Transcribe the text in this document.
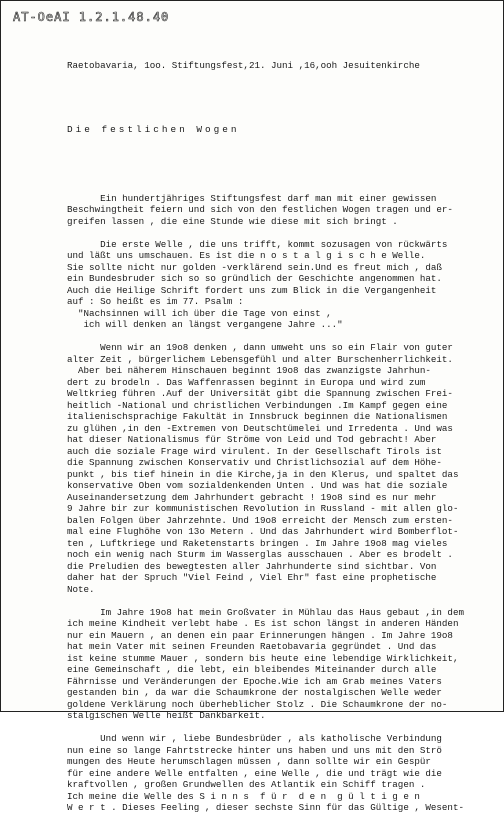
AT-OeAI 1.2.1.48.40

Raetobavaria, 1oo. Stiftungsfest,21. Juni ,16,ooh Jesuitenkirche

Die festlichen Wogen

Ein hundertjähriges Stiftungsfest darf man mit einer gewissen
Beschwingtheit feiern und sich von den festlichen Wogen tragen und er-
greifen lassen , die eine Stunde wie diese mit sich bringt .
Die erste Welle , die uns trifft, kommt sozusagen von rückwärts
und läßt uns umschauen. Es ist die n o s t a l g i s c h e Welle.
Sie sollte nicht nur golden -verklärend sein.Und es freut mich , daß
ein Bundesbruder sich so so gründlich der Geschichte angenommen hat.
Auch die Heilige Schrift fordert uns zum Blick in die Vergangenheit
auf : So heißt es im 77. Psalm :
"Nachsinnen will ich über die Tage von einst ,
ich will denken an längst vergangene Jahre ..."
Wenn wir an 19o8 denken , dann umweht uns so ein Flair von guter
alter Zeit , bürgerlichem Lebensgefühl und alter Burschenherrlichkeit.
Aber bei näherem Hinschauen beginnt 19o8 das zwanzigste Jahrhun-
dert zu brodeln . Das Waffenrassen beginnt in Europa und wird zum
Weltkrieg führen .Auf der Universität gibt die Spannung zwischen Frei-
heitlich -National und christlichen Verbindungen .Im Kampf gegen eine
italienischsprachige Fakultät in Innsbruck beginnen die Nationalismen
zu glühen ,in den -Extremen von Deutschtümelei und Irredenta . Und was
hat dieser Nationalismus für Ströme von Leid und Tod gebracht! Aber
auch die soziale Frage wird virulent. In der Gesellschaft Tirols ist
die Spannung zwischen Konservativ und Christlichsozial auf dem Höhe-
punkt , bis tief hinein in die Kirche,ja in den Klerus, und spaltet das
konservative Oben vom sozialdenkenden Unten . Und was hat die soziale
Auseinandersetzung dem Jahrhundert gebracht ! 19o8 sind es nur mehr
9 Jahre bir zur kommunistischen Revolution in Russland - mit allen glo-
balen Folgen über Jahrzehnte. Und 19o8 erreicht der Mensch zum ersten-
mal eine Flughöhe von 13o Metern . Und das Jahrhundert wird Bomberflot-
ten , Luftkriege und Raketenstarts bringen . Im Jahre 19o8 mag vieles
noch ein wenig nach Sturm im Wasserglas ausschauen . Aber es brodelt .
die Preludien des bewegtesten aller Jahrhunderte sind sichtbar. Von
daher hat der Spruch "Viel Feind , Viel Ehr" fast eine prophetische
Note.
Im Jahre 19o8 hat mein Großvater in Mühlau das Haus gebaut ,in dem
ich meine Kindheit verlebt habe . Es ist schon längst in anderen Händen
nur ein Mauern , an denen ein paar Erinnerungen hängen . Im Jahre 19o8
hat mein Vater mit seinen Freunden Raetobavaria gegründet . Und das
ist keine stumme Mauer , sondern bis heute eine lebendige Wirklichkeit,
eine Gemeinschaft , die lebt, ein bleibendes Miteinander durch alle
Fährnisse und Veränderungen der Epoche.Wie ich am Grab meines Vaters
gestanden bin , da war die Schaumkrone der nostalgischen Welle weder
goldene Verklärung noch überheblicher Stolz . Die Schaumkrone der no-
stalgischen Welle heißt Dankbarkeit.
Und wenn wir , liebe Bundesbrüder , als katholische Verbindung
nun eine so lange Fahrtstrecke hinter uns haben und uns mit den Strö
mungen des Heute herumschlagen müssen , dann sollte wir ein Gespür
für eine andere Welle entfalten , eine Welle , die und trägt wie die
kraftvollen , großen Grundwellen des Atlantik ein Schiff tragen .
Ich meine die Welle des S i n n s  f ü r  d e n  g ü l t i g e n
W e r t . Dieses Feeling , dieser sechste Sinn für das Gültige , Wesent-
